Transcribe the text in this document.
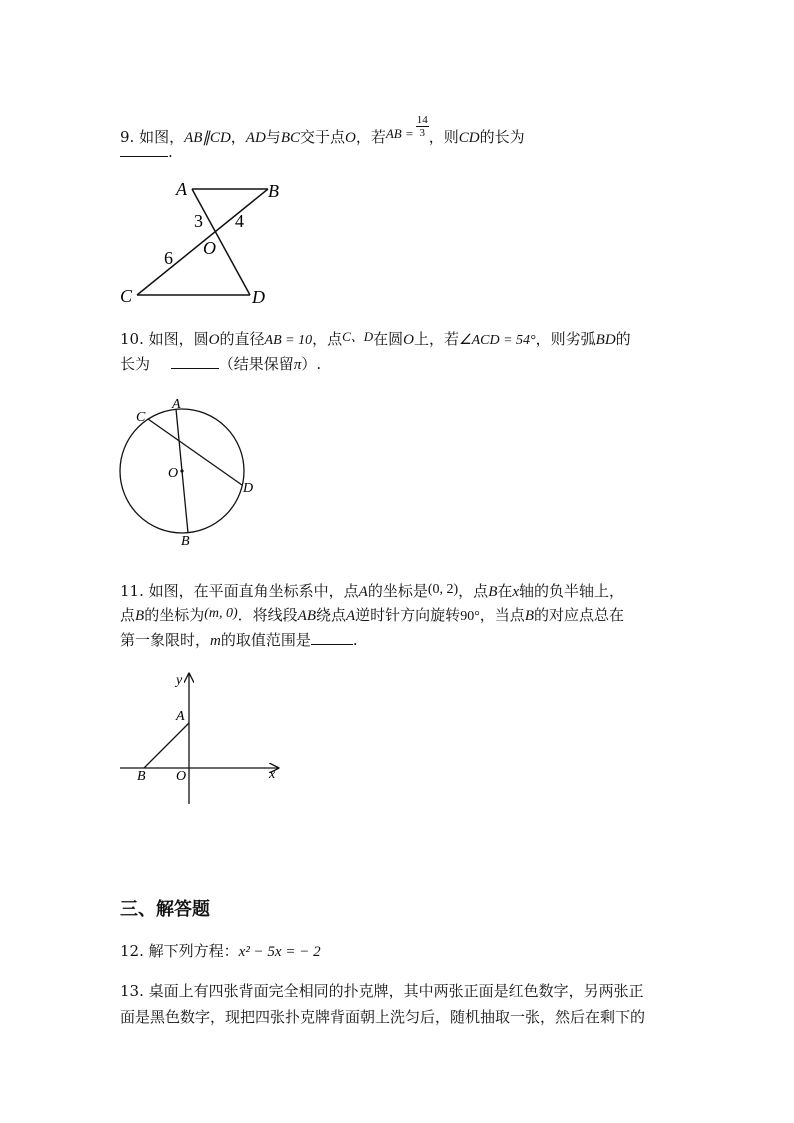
9. 如图，AB∥CD，AD与BC交于点O，若AB = $\frac{14}{3}$ ，则CD的长为
.
A	B
C	D
O
3 4
6
10. 如图，圆O的直径AB = 10，点C、D在圆O上，若∠ACD = 54°，则劣弧BD的
长为	（结果保留π）.
A
C
O
D
B
11. 如图，在平面直角坐标系中，点A的坐标是(0, 2)，点B在x轴的负半轴上，
点B的坐标为(m, 0)．将线段AB绕点A逆时针方向旋转90°，当点B的对应点总在
第一象限时，m的取值范围是	.
y
A
B O	x
三、解答题
12. 解下列方程：x² − 5x = − 2
13. 桌面上有四张背面完全相同的扑克牌，其中两张正面是红色数字，另两张正
面是黑色数字，现把四张扑克牌背面朝上洗匀后，随机抽取一张，然后在剩下的
